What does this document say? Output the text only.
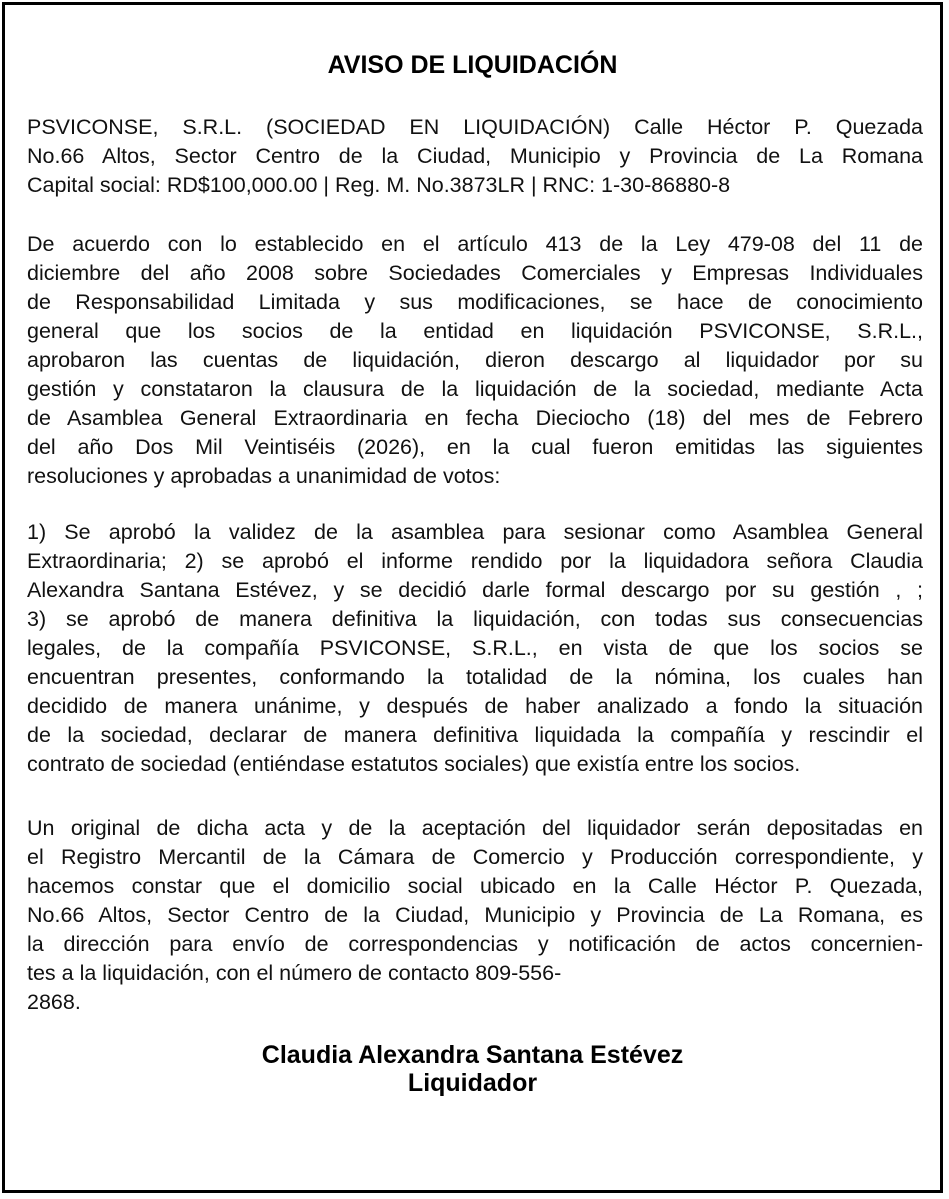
AVISO DE LIQUIDACIÓN

PSVICONSE, S.R.L. (SOCIEDAD EN LIQUIDACIÓN) Calle Héctor P. Quezada
No.66 Altos, Sector Centro de la Ciudad, Municipio y Provincia de La Romana
Capital social: RD$100,000.00 | Reg. M. No.3873LR | RNC: 1-30-86880-8

De acuerdo con lo establecido en el artículo 413 de la Ley 479-08 del 11 de
diciembre del año 2008 sobre Sociedades Comerciales y Empresas Individuales
de Responsabilidad Limitada y sus modificaciones, se hace de conocimiento
general que los socios de la entidad en liquidación PSVICONSE, S.R.L.,
aprobaron las cuentas de liquidación, dieron descargo al liquidador por su
gestión y constataron la clausura de la liquidación de la sociedad, mediante Acta
de Asamblea General Extraordinaria en fecha Dieciocho (18) del mes de Febrero
del año Dos Mil Veintiséis (2026), en la cual fueron emitidas las siguientes
resoluciones y aprobadas a unanimidad de votos:

1) Se aprobó la validez de la asamblea para sesionar como Asamblea General
Extraordinaria; 2) se aprobó el informe rendido por la liquidadora señora Claudia
Alexandra Santana Estévez, y se decidió darle formal descargo por su gestión , ;
3) se aprobó de manera definitiva la liquidación, con todas sus consecuencias
legales, de la compañía PSVICONSE, S.R.L., en vista de que los socios se
encuentran presentes, conformando la totalidad de la nómina, los cuales han
decidido de manera unánime, y después de haber analizado a fondo la situación
de la sociedad, declarar de manera definitiva liquidada la compañía y rescindir el
contrato de sociedad (entiéndase estatutos sociales) que existía entre los socios.

Un original de dicha acta y de la aceptación del liquidador serán depositadas en
el Registro Mercantil de la Cámara de Comercio y Producción correspondiente, y
hacemos constar que el domicilio social ubicado en la Calle Héctor P. Quezada,
No.66 Altos, Sector Centro de la Ciudad, Municipio y Provincia de La Romana, es
la dirección para envío de correspondencias y notificación de actos concernien-
tes a la liquidación, con el número de contacto 809-556-
2868.

Claudia Alexandra Santana Estévez
Liquidador
